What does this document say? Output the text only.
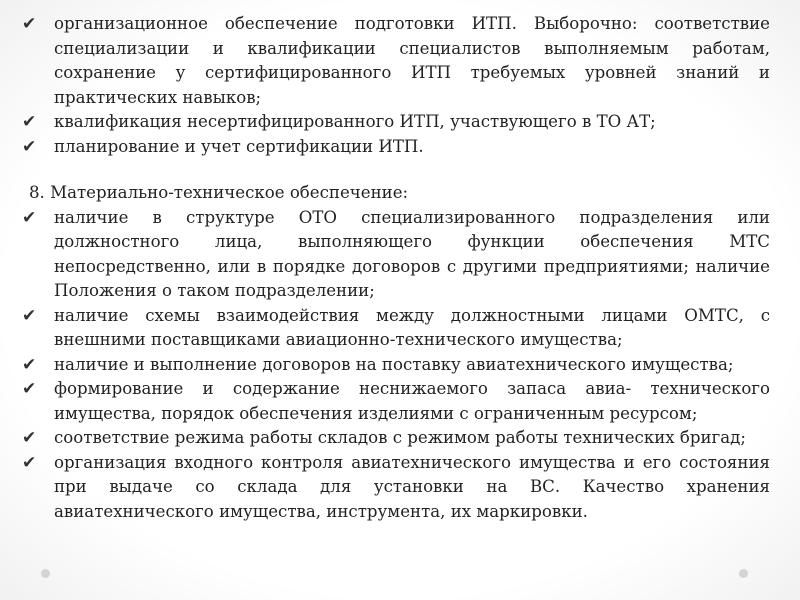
✔	организационное обеспечение подготовки ИТП. Выборочно: соответствие специализации и квалификации специалистов выполняемым работам, сохранение у сертифицированного ИТП требуемых уровней знаний и практических навыков;

✔	квалификация несертифицированного ИТП, участвующего в ТО АТ;

✔	планирование и учет сертификации ИТП.

8. Материально-техническое обеспечение:

✔	наличие в структуре ОТО специализированного подразделения или должностного лица, выполняющего функции обеспечения МТС непосредственно, или в порядке договоров с другими предприятиями; наличие Положения о таком подразделении;

✔	наличие схемы взаимодействия между должностными лицами ОМТС, с внешними поставщиками авиационно-технического имущества;

✔	наличие и выполнение договоров на поставку авиатехнического имущества;

✔	формирование и содержание неснижаемого запаса авиа- технического имущества, порядок обеспечения изделиями с ограниченным ресурсом;

✔	соответствие режима работы складов с режимом работы технических бригад;

✔	организация входного контроля авиатехнического имущества и его состояния при выдаче со склада для установки на ВС. Качество хранения авиатехнического имущества, инструмента, их маркировки.
